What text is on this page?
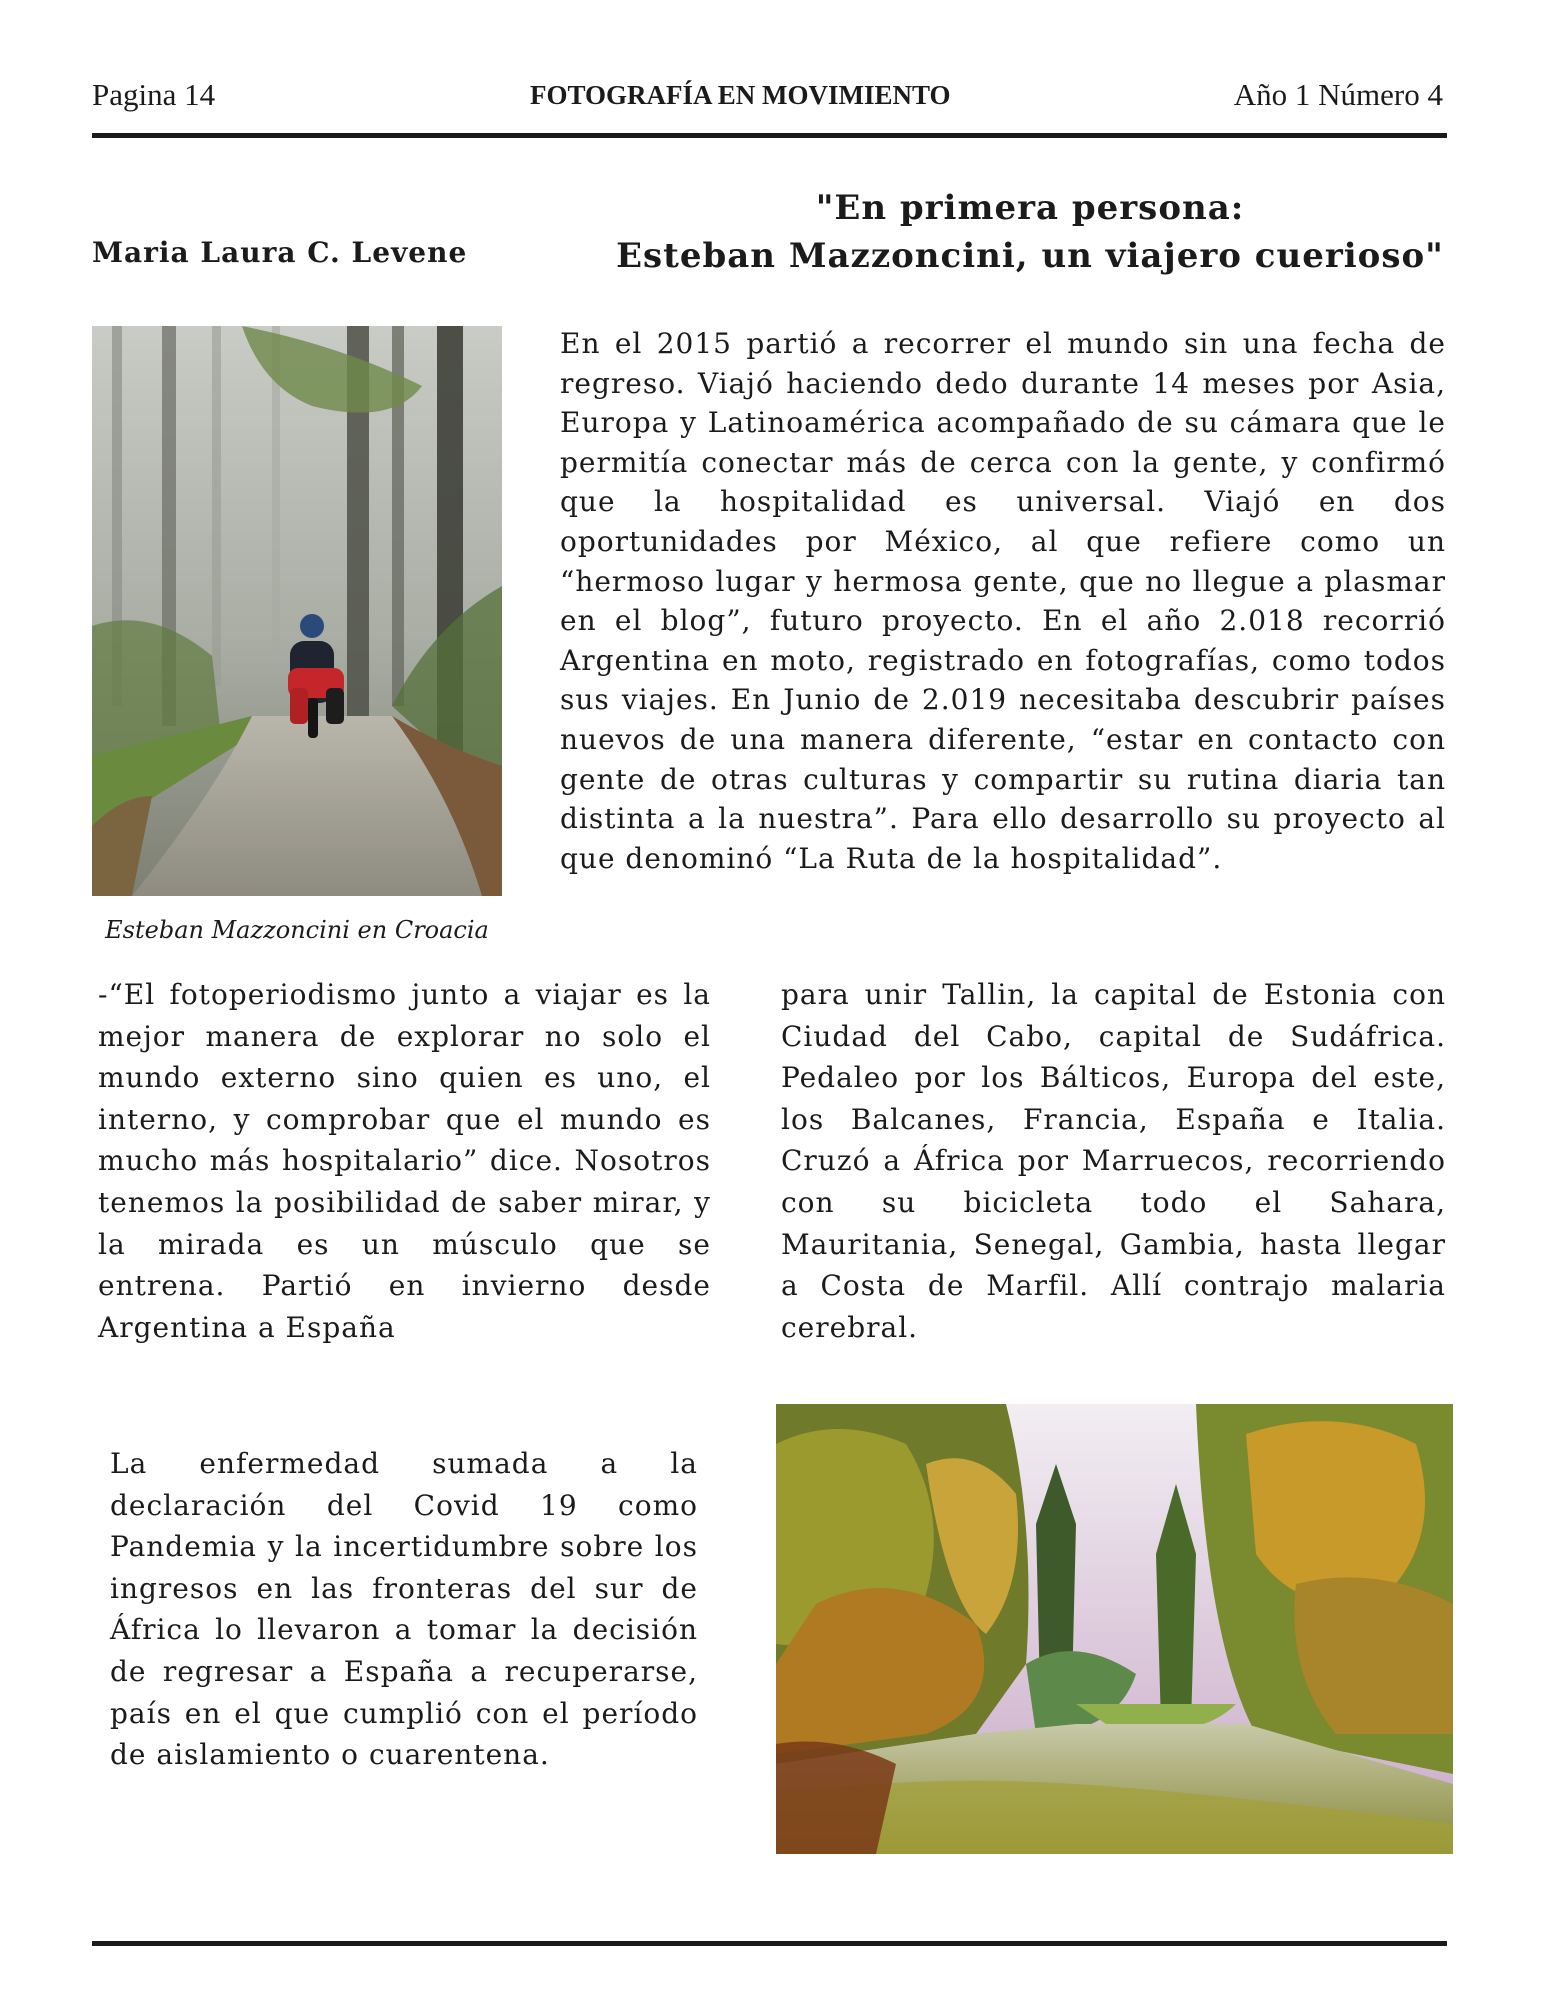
Pagina 14	FOTOGRAFÍA EN MOVIMIENTO	Año 1 Número 4
Maria Laura C. Levene
"En primera persona:
Esteban Mazzoncini, un viajero cuerioso"
Esteban Mazzoncini en Croacia

En el 2015 partió a recorrer el mundo sin una fecha de regreso. Viajó haciendo dedo durante 14 meses por Asia, Europa y Latinoamérica acompañado de su cámara que le permitía conectar más de cerca con la gente, y confirmó que la hospitalidad es universal. Viajó en dos oportunidades por México, al que refiere como un “hermoso lugar y hermosa gente, que no llegue a plasmar en el blog”, futuro proyecto. En el año 2.018 recorrió Argentina en moto, registrado en fotografías, como todos sus viajes. En Junio de 2.019 necesitaba descubrir países nuevos de una manera diferente, “estar en contacto con gente de otras culturas y compartir su rutina diaria tan distinta a la nuestra”. Para ello desarrollo su proyecto al que denominó “La Ruta de la hospitalidad”.

-“El fotoperiodismo junto a viajar es la mejor manera de explorar no solo el mundo externo sino quien es uno, el interno, y comprobar que el mundo es mucho más hospitalario” dice. Nosotros tenemos la posibilidad de saber mirar, y la mirada es un músculo que se entrena. Partió en invierno desde Argentina a España

para unir Tallin, la capital de Estonia con Ciudad del Cabo, capital de Sudáfrica. Pedaleo por los Bálticos, Europa del este, los Balcanes, Francia, España e Italia. Cruzó a África por Marruecos, recorriendo con su bicicleta todo el Sahara, Mauritania, Senegal, Gambia, hasta llegar a Costa de Marfil. Allí contrajo malaria cerebral.

La enfermedad sumada a la declaración del Covid 19 como Pandemia y la incertidumbre sobre los ingresos en las fronteras del sur de África lo llevaron a tomar la decisión de regresar a España a recuperarse, país en el que cumplió con el período de aislamiento o cuarentena.
